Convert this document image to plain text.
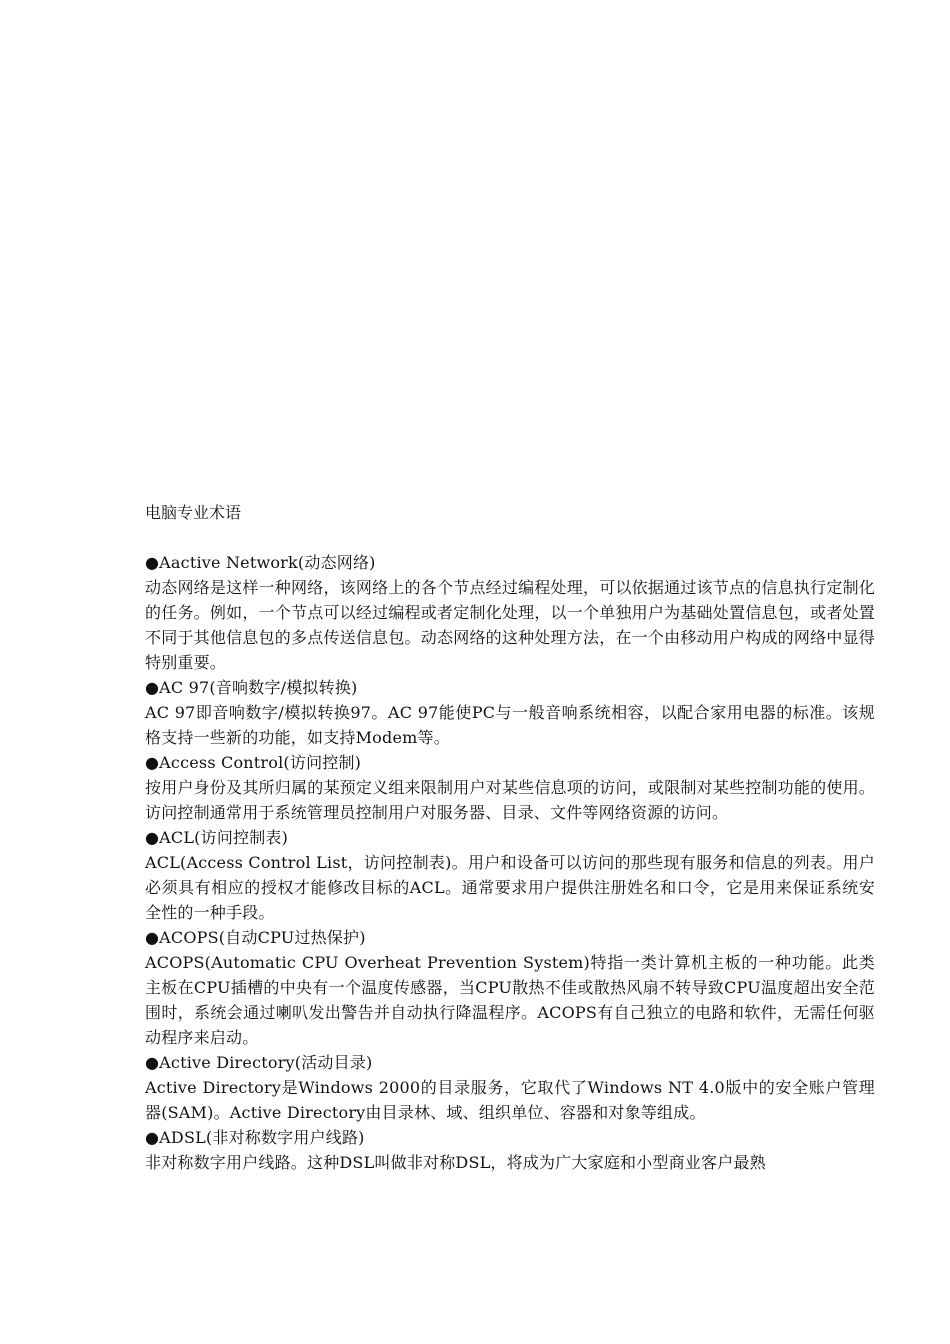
电脑专业术语

●Aactive Network(动态网络)

动态网络是这样一种网络，该网络上的各个节点经过编程处理，可以依据通过该节点的信息执行定制化的任务。例如，一个节点可以经过编程或者定制化处理，以一个单独用户为基础处置信息包，或者处置不同于其他信息包的多点传送信息包。动态网络的这种处理方法，在一个由移动用户构成的网络中显得特别重要。

●AC 97(音响数字/模拟转换)

AC 97即音响数字/模拟转换97。AC 97能使PC与一般音响系统相容，以配合家用电器的标准。该规格支持一些新的功能，如支持Modem等。

●Access Control(访问控制)

按用户身份及其所归属的某预定义组来限制用户对某些信息项的访问，或限制对某些控制功能的使用。访问控制通常用于系统管理员控制用户对服务器、目录、文件等网络资源的访问。

●ACL(访问控制表)

ACL(Access Control List，访问控制表)。用户和设备可以访问的那些现有服务和信息的列表。用户必须具有相应的授权才能修改目标的ACL。通常要求用户提供注册姓名和口令，它是用来保证系统安全性的一种手段。

●ACOPS(自动CPU过热保护)

ACOPS(Automatic CPU Overheat Prevention System)特指一类计算机主板的一种功能。此类主板在CPU插槽的中央有一个温度传感器，当CPU散热不佳或散热风扇不转导致CPU温度超出安全范围时，系统会通过喇叭发出警告并自动执行降温程序。ACOPS有自己独立的电路和软件，无需任何驱动程序来启动。

●Active Directory(活动目录)

Active Directory是Windows 2000的目录服务，它取代了Windows NT 4.0版中的安全账户管理器(SAM)。Active Directory由目录林、域、组织单位、容器和对象等组成。

●ADSL(非对称数字用户线路)

非对称数字用户线路。这种DSL叫做非对称DSL，将成为广大家庭和小型商业客户最熟
